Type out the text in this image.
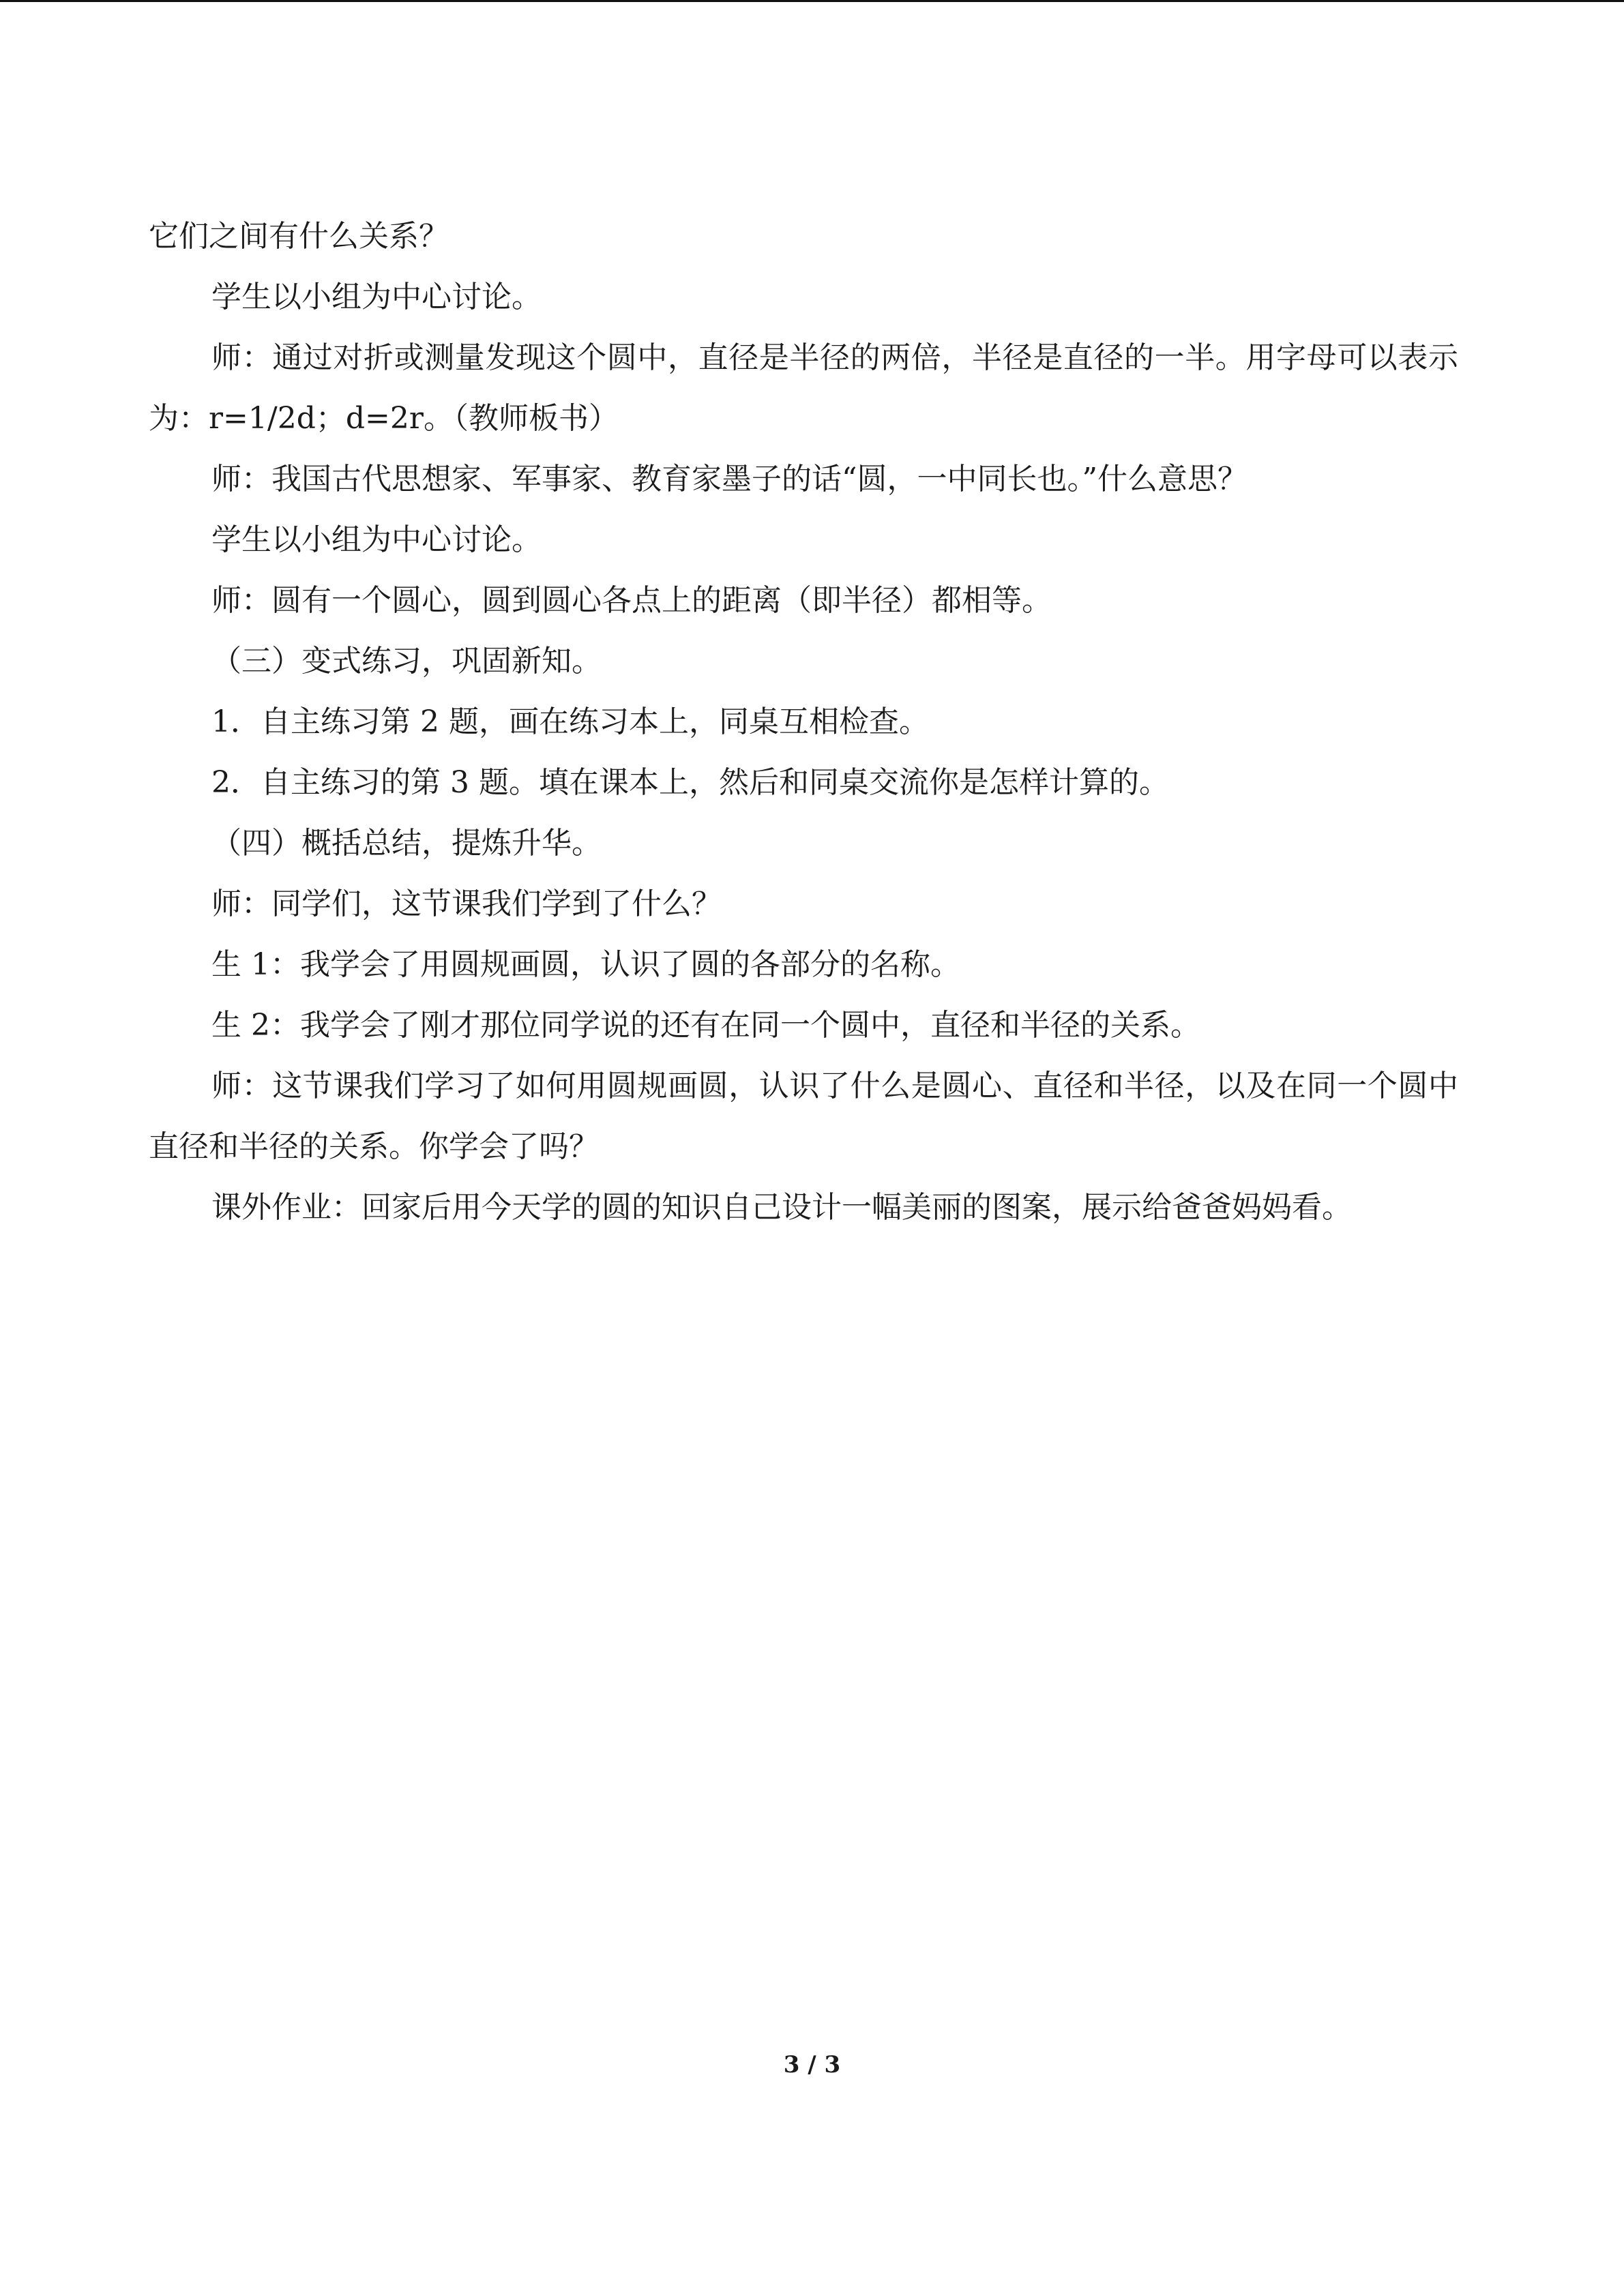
它们之间有什么关系？

学生以小组为中心讨论。

师：通过对折或测量发现这个圆中，直径是半径的两倍，半径是直径的一半。用字母可以表示为：r=1/2d；d=2r。（教师板书）

师：我国古代思想家、军事家、教育家墨子的话“圆，一中同长也。”什么意思？

学生以小组为中心讨论。

师：圆有一个圆心，圆到圆心各点上的距离（即半径）都相等。

（三）变式练习，巩固新知。

1．自主练习第 2 题，画在练习本上，同桌互相检查。

2．自主练习的第 3 题。填在课本上，然后和同桌交流你是怎样计算的。

（四）概括总结，提炼升华。

师：同学们，这节课我们学到了什么？

生 1：我学会了用圆规画圆，认识了圆的各部分的名称。

生 2：我学会了刚才那位同学说的还有在同一个圆中，直径和半径的关系。

师：这节课我们学习了如何用圆规画圆，认识了什么是圆心、直径和半径，以及在同一个圆中直径和半径的关系。你学会了吗？

课外作业：回家后用今天学的圆的知识自己设计一幅美丽的图案，展示给爸爸妈妈看。

3 / 3
